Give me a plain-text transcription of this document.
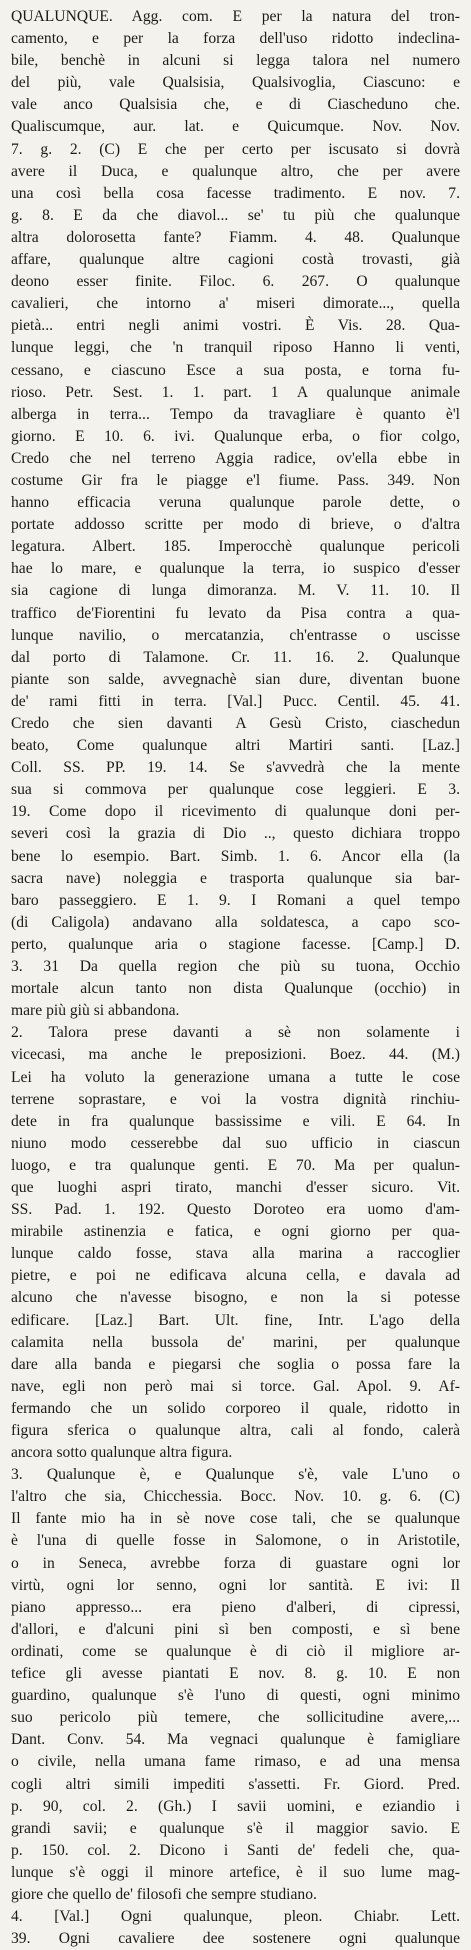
QUALUNQUE. Agg. com. E per la natura del tron-
camento, e per la forza dell'uso ridotto indeclina-
bile, benchè in alcuni si legga talora nel numero
del più, vale Qualsisia, Qualsivoglia, Ciascuno: e
vale anco Qualsisia che, e di Ciascheduno che.
Qualiscumque, aur. lat. e Quicumque. Nov. Nov.
7. g. 2. (C) E che per certo per iscusato si dovrà
avere il Duca, e qualunque altro, che per avere
una così bella cosa facesse tradimento. E nov. 7.
g. 8. E da che diavol... se' tu più che qualunque
altra dolorosetta fante? Fiamm. 4. 48. Qualunque
affare, qualunque altre cagioni costà trovasti, già
deono esser finite. Filoc. 6. 267. O qualunque
cavalieri, che intorno a' miseri dimorate..., quella
pietà... entri negli animi vostri. È Vis. 28. Qua-
lunque leggi, che 'n tranquil riposo Hanno li venti,
cessano, e ciascuno Esce a sua posta, e torna fu-
rioso. Petr. Sest. 1. 1. part. 1 A qualunque animale
alberga in terra... Tempo da travagliare è quanto è'l
giorno. E 10. 6. ivi. Qualunque erba, o fior colgo,
Credo che nel terreno Aggia radice, ov'ella ebbe in
costume Gir fra le piagge e'l fiume. Pass. 349. Non
hanno efficacia veruna qualunque parole dette, o
portate addosso scritte per modo di brieve, o d'altra
legatura. Albert. 185. Imperocchè qualunque pericoli
hae lo mare, e qualunque la terra, io suspico d'esser
sia cagione di lunga dimoranza. M. V. 11. 10. Il
traffico de'Fiorentini fu levato da Pisa contra a qua-
lunque navilio, o mercatanzia, ch'entrasse o uscisse
dal porto di Talamone. Cr. 11. 16. 2. Qualunque
piante son salde, avvegnachè sian dure, diventan buone
de' rami fitti in terra. [Val.] Pucc. Centil. 45. 41.
Credo che sien davanti A Gesù Cristo, ciaschedun
beato, Come qualunque altri Martiri santi. [Laz.]
Coll. SS. PP. 19. 14. Se s'avvedrà che la mente
sua si commova per qualunque cose leggieri. E 3.
19. Come dopo il ricevimento di qualunque doni per-
severi così la grazia di Dio .., questo dichiara troppo
bene lo esempio. Bart. Simb. 1. 6. Ancor ella (la
sacra nave) noleggia e trasporta qualunque sia bar-
baro passeggiero. E 1. 9. I Romani a quel tempo
(di Caligola) andavano alla soldatesca, a capo sco-
perto, qualunque aria o stagione facesse. [Camp.] D.
3. 31 Da quella region che più su tuona, Occhio
mortale alcun tanto non dista Qualunque (occhio) in
mare più giù si abbandona.
2. Talora prese davanti a sè non solamente i
vicecasi, ma anche le preposizioni. Boez. 44. (M.)
Lei ha voluto la generazione umana a tutte le cose
terrene soprastare, e voi la vostra dignità rinchiu-
dete in fra qualunque bassissime e vili. E 64. In
niuno modo cesserebbe dal suo ufficio in ciascun
luogo, e tra qualunque genti. E 70. Ma per qualun-
que luoghi aspri tirato, manchi d'esser sicuro. Vit.
SS. Pad. 1. 192. Questo Doroteo era uomo d'am-
mirabile astinenzia e fatica, e ogni giorno per qua-
lunque caldo fosse, stava alla marina a raccoglier
pietre, e poi ne edificava alcuna cella, e davala ad
alcuno che n'avesse bisogno, e non la si potesse
edificare. [Laz.] Bart. Ult. fine, Intr. L'ago della
calamita nella bussola de' marini, per qualunque
dare alla banda e piegarsi che soglia o possa fare la
nave, egli non però mai si torce. Gal. Apol. 9. Af-
fermando che un solido corporeo il quale, ridotto in
figura sferica o qualunque altra, cali al fondo, calerà
ancora sotto qualunque altra figura.
3. Qualunque è, e Qualunque s'è, vale L'uno o
l'altro che sia, Chicchessia. Bocc. Nov. 10. g. 6. (C)
Il fante mio ha in sè nove cose tali, che se qualunque
è l'una di quelle fosse in Salomone, o in Aristotile,
o in Seneca, avrebbe forza di guastare ogni lor
virtù, ogni lor senno, ogni lor santità. E ivi: Il
piano appresso... era pieno d'alberi, di cipressi,
d'allori, e d'alcuni pini sì ben composti, e sì bene
ordinati, come se qualunque è di ciò il migliore ar-
tefice gli avesse piantati E nov. 8. g. 10. E non
guardino, qualunque s'è l'uno di questi, ogni minimo
suo pericolo più temere, che sollicitudine avere,...
Dant. Conv. 54. Ma vegnaci qualunque è famigliare
o civile, nella umana fame rimaso, e ad una mensa
cogli altri simili impediti s'assetti. Fr. Giord. Pred.
p. 90, col. 2. (Gh.) I savii uomini, e eziandio i
grandi savii; e qualunque s'è il maggior savio. E
p. 150. col. 2. Dicono i Santi de' fedeli che, qua-
lunque s'è oggi il minore artefice, è il suo lume mag-
giore che quello de' filosofi che sempre studiano.
4. [Val.] Ogni qualunque, pleon. Chiabr. Lett.
39. Ogni cavaliere dee sostenere ogni qualunque
